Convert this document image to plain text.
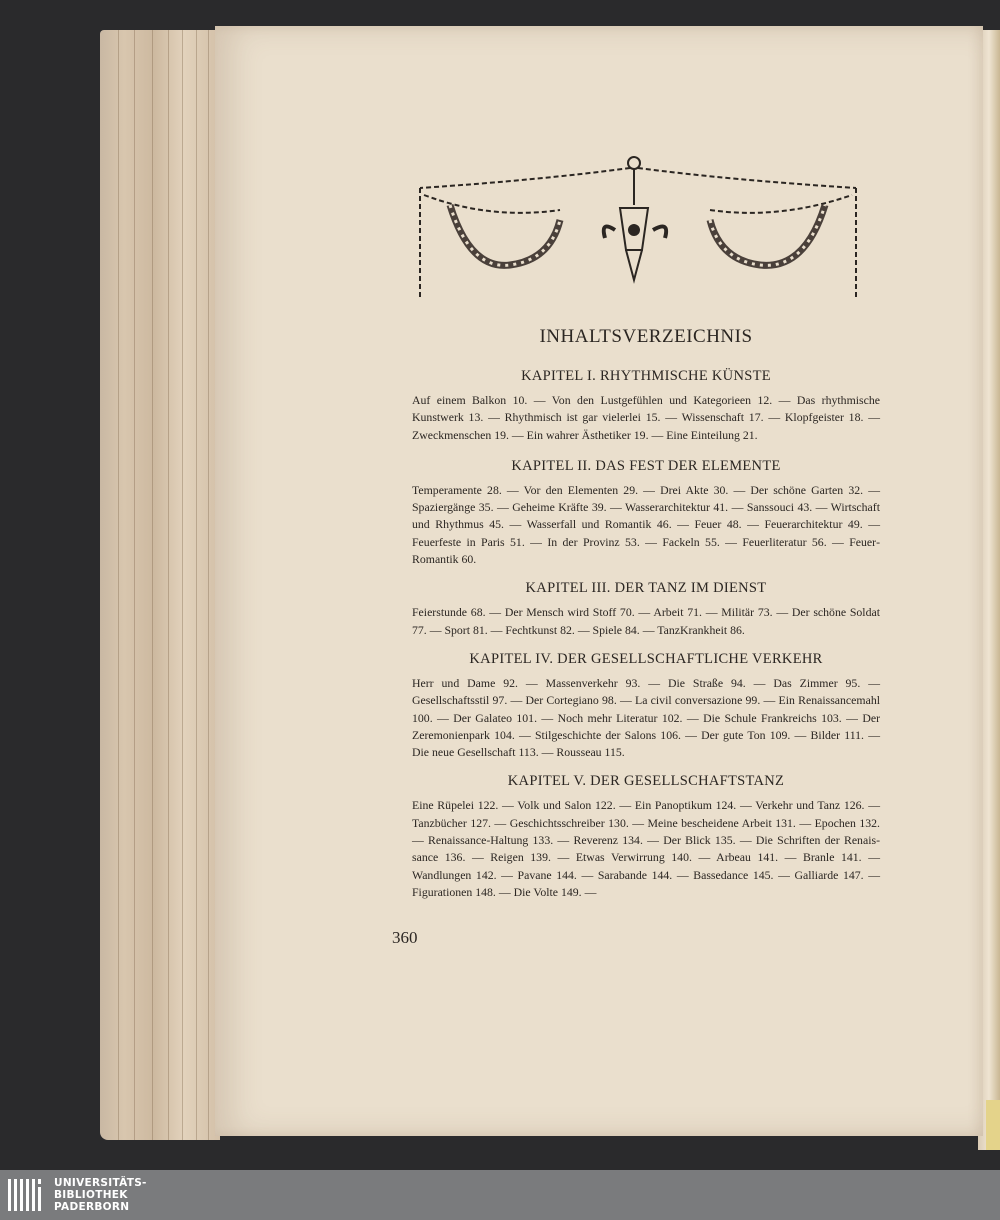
INHALTSVERZEICHNIS
KAPITEL I. RHYTHMISCHE KÜNSTE
Auf einem Balkon 10. — Von den Lustgefühlen und Kategorieen 12. — Das rhythmische Kunstwerk 13. — Rhythmisch ist gar vielerlei 15. — Wissenschaft 17. — Klopfgeister 18. — Zweckmenschen 19. — Ein wahrer Ästhetiker 19. — Eine Einteilung 21.
KAPITEL II. DAS FEST DER ELEMENTE
Temperamente 28. — Vor den Elementen 29. — Drei Akte 30. — Der schöne Garten 32. — Spaziergänge 35. — Geheime Kräfte 39. — Wasserarchitektur 41. — Sanssouci 43. — Wirtschaft und Rhythmus 45. — Wasserfall und Romantik 46. — Feuer 48. — Feuerarchitektur 49. — Feuerfeste in Paris 51. — In der Provinz 53. — Fackeln 55. — Feuerliteratur 56. — FeuerRomantik 60.
KAPITEL III. DER TANZ IM DIENST
Feierstunde 68. — Der Mensch wird Stoff 70. — Arbeit 71. — Militär 73. — Der schöne Soldat 77. — Sport 81. — Fechtkunst 82. — Spiele 84. — TanzKrankheit 86.
KAPITEL IV. DER GESELLSCHAFTLICHE VERKEHR
Herr und Dame 92. — Massenverkehr 93. — Die Straße 94. — Das Zimmer 95. — Gesellschaftsstil 97. — Der Cortegiano 98. — La civil conversazione 99. — Ein Renaissancemahl 100. — Der Galateo 101. — Noch mehr Literatur 102. — Die Schule Frankreichs 103. — Der Zeremonienpark 104. — Stilgeschichte der Salons 106. — Der gute Ton 109. — Bilder 111. — Die neue Gesellschaft 113. — Rousseau 115.
KAPITEL V. DER GESELLSCHAFTSTANZ
Eine Rüpelei 122. — Volk und Salon 122. — Ein Panoptikum 124. — Verkehr und Tanz 126. — Tanzbücher 127. — Geschichtsschreiber 130. — Meine bescheidene Arbeit 131. — Epochen 132. — Renaissance-Haltung 133. — Reverenz 134. — Der Blick 135. — Die Schriften der Renaissance 136. — Reigen 139. — Etwas Verwirrung 140. — Arbeau 141. — Branle 141. — Wandlungen 142. — Pavane 144. — Sarabande 144. — Bassedance 145. — Galliarde 147. — Figurationen 148. — Die Volte 149. —
360
UNIVERSITÄTS-
BIBLIOTHEK
PADERBORN
